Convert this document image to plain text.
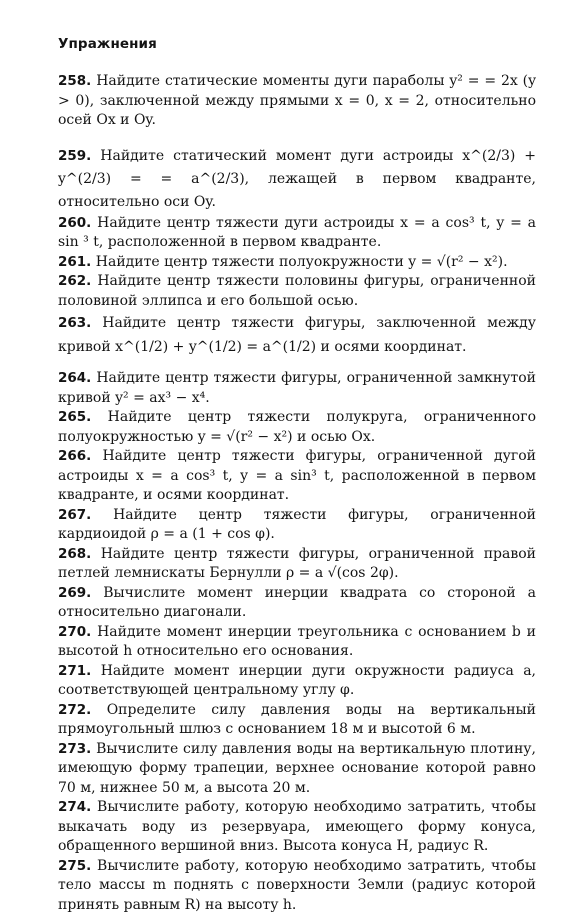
Упражнения

258. Найдите статические моменты дуги параболы y² = = 2x (y > 0), заключенной между прямыми x = 0, x = 2, относительно осей Ox и Oy.

259. Найдите статический момент дуги астроиды x^(2/3) + y^(2/3) = = a^(2/3), лежащей в первом квадранте, относительно оси Oy.

260. Найдите центр тяжести дуги астроиды x = a cos³ t, y = a sin ³ t, расположенной в первом квадранте.

261. Найдите центр тяжести полуокружности y = √(r² − x²).

262. Найдите центр тяжести половины фигуры, ограниченной половиной эллипса и его большой осью.

263. Найдите центр тяжести фигуры, заключенной между кривой x^(1/2) + y^(1/2) = a^(1/2) и осями координат.

264. Найдите центр тяжести фигуры, ограниченной замкнутой кривой y² = ax³ − x⁴.

265. Найдите центр тяжести полукруга, ограниченного полуокружностью y = √(r² − x²) и осью Ox.

266. Найдите центр тяжести фигуры, ограниченной дугой астроиды x = a cos³ t, y = a sin³ t, расположенной в первом квадранте, и осями координат.

267. Найдите центр тяжести фигуры, ограниченной кардиоидой ρ = a (1 + cos φ).

268. Найдите центр тяжести фигуры, ограниченной правой петлей лемнискаты Бернулли ρ = a √(cos 2φ).

269. Вычислите момент инерции квадрата со стороной a относительно диагонали.

270. Найдите момент инерции треугольника с основанием b и высотой h относительно его основания.

271. Найдите момент инерции дуги окружности радиуса a, соответствующей центральному углу φ.

272. Определите силу давления воды на вертикальный прямоугольный шлюз с основанием 18 м и высотой 6 м.

273. Вычислите силу давления воды на вертикальную плотину, имеющую форму трапеции, верхнее основание которой равно 70 м, нижнее 50 м, а высота 20 м.

274. Вычислите работу, которую необходимо затратить, чтобы выкачать воду из резервуара, имеющего форму конуса, обращенного вершиной вниз. Высота конуса H, радиус R.

275. Вычислите работу, которую необходимо затратить, чтобы тело массы m поднять с поверхности Земли (радиус которой принять равным R) на высоту h.
